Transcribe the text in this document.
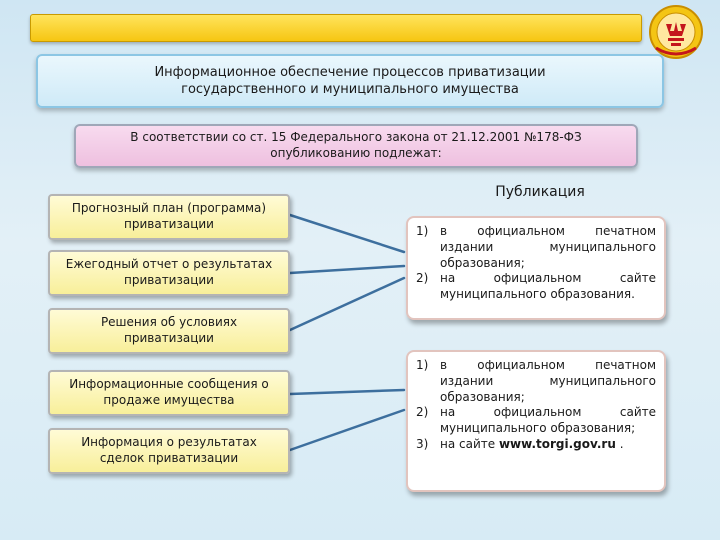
Информационное обеспечение процессов приватизации
государственного и муниципального имущества
В соответствии со ст. 15 Федерального закона от 21.12.2001 №178-ФЗ
опубликованию подлежат:
Публикация
Прогнозный план (программа)
приватизации
Ежегодный отчет о результатах
приватизации
Решения об условиях
приватизации
Информационные сообщения о
продаже имущества
Информация о результатах
сделок приватизации
1) в официальном печатном издании муниципального образования;
2) на официальном сайте муниципального образования.
1) в официальном печатном издании муниципального образования;
2) на официальном сайте муниципального образования;
3) на сайте www.torgi.gov.ru .
